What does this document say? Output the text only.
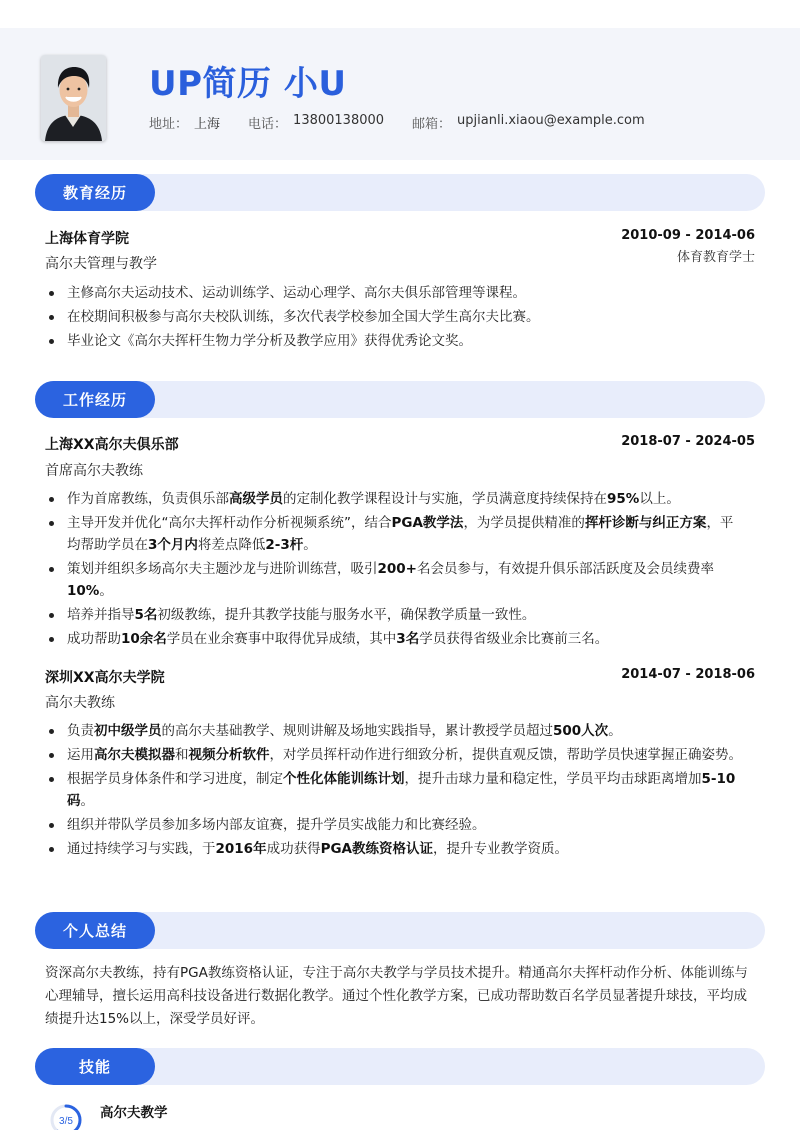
UP简历 小U
地址： 上海 电话： 13800138000 邮箱： upjianli.xiaou@example.com
教育经历
上海体育学院	2010-09 - 2014-06
高尔夫管理与教学	体育教育学士
主修高尔夫运动技术、运动训练学、运动心理学、高尔夫俱乐部管理等课程。
在校期间积极参与高尔夫校队训练，多次代表学校参加全国大学生高尔夫比赛。
毕业论文《高尔夫挥杆生物力学分析及教学应用》获得优秀论文奖。
工作经历
上海XX高尔夫俱乐部	2018-07 - 2024-05
首席高尔夫教练
作为首席教练，负责俱乐部高级学员的定制化教学课程设计与实施，学员满意度持续保持在95%以上。
主导开发并优化“高尔夫挥杆动作分析视频系统”，结合PGA教学法，为学员提供精准的挥杆诊断与纠正方案，平均帮助学员在3个月内将差点降低2-3杆。
策划并组织多场高尔夫主题沙龙与进阶训练营，吸引200+名会员参与，有效提升俱乐部活跃度及会员续费率10%。
培养并指导5名初级教练，提升其教学技能与服务水平，确保教学质量一致性。
成功帮助10余名学员在业余赛事中取得优异成绩，其中3名学员获得省级业余比赛前三名。
深圳XX高尔夫学院	2014-07 - 2018-06
高尔夫教练
负责初中级学员的高尔夫基础教学、规则讲解及场地实践指导，累计教授学员超过500人次。
运用高尔夫模拟器和视频分析软件，对学员挥杆动作进行细致分析，提供直观反馈，帮助学员快速掌握正确姿势。
根据学员身体条件和学习进度，制定个性化体能训练计划，提升击球力量和稳定性，学员平均击球距离增加5-10码。
组织并带队学员参加多场内部友谊赛，提升学员实战能力和比赛经验。
通过持续学习与实践，于2016年成功获得PGA教练资格认证，提升专业教学资质。
个人总结
资深高尔夫教练，持有PGA教练资格认证，专注于高尔夫教学与学员技术提升。精通高尔夫挥杆动作分析、体能训练与心理辅导，擅长运用高科技设备进行数据化教学。通过个性化教学方案，已成功帮助数百名学员显著提升球技，平均成绩提升达15%以上，深受学员好评。
技能
3/5
高尔夫教学
